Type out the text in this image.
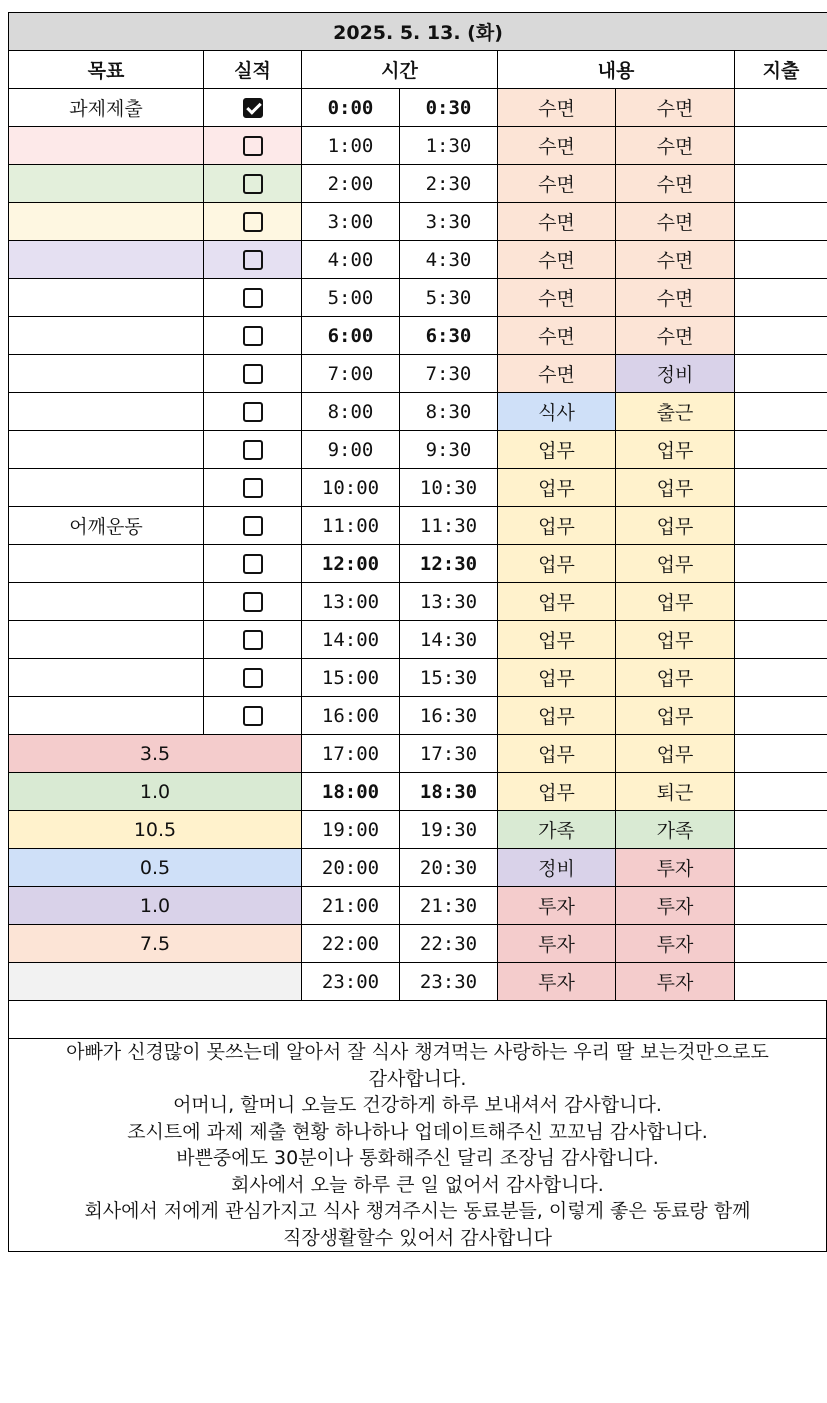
2025. 5. 13. (화)						
목표	실적	시간		내용		지출
과제제출		0:00	0:30	수면	수면	
		1:00	1:30	수면	수면	
		2:00	2:30	수면	수면	
		3:00	3:30	수면	수면	
		4:00	4:30	수면	수면	
		5:00	5:30	수면	수면	
		6:00	6:30	수면	수면	
		7:00	7:30	수면	정비	
		8:00	8:30	식사	출근	
		9:00	9:30	업무	업무	
		10:00	10:30	업무	업무	
어깨운동		11:00	11:30	업무	업무	
		12:00	12:30	업무	업무	
		13:00	13:30	업무	업무	
		14:00	14:30	업무	업무	
		15:00	15:30	업무	업무	
		16:00	16:30	업무	업무	
3.5		17:00	17:30	업무	업무	
1.0		18:00	18:30	업무	퇴근	
10.5		19:00	19:30	가족	가족	
0.5		20:00	20:30	정비	투자	
1.0		21:00	21:30	투자	투자	
7.5		22:00	22:30	투자	투자	
		23:00	23:30	투자	투자	

아빠가 신경많이 못쓰는데 알아서 잘 식사 챙겨먹는 사랑하는 우리 딸 보는것만으로도
감사합니다.
어머니, 할머니 오늘도 건강하게 하루 보내셔서 감사합니다.
조시트에 과제 제출 현황 하나하나 업데이트해주신 꼬꼬님 감사합니다.
바쁜중에도 30분이나 통화해주신 달리 조장님 감사합니다.
회사에서 오늘 하루 큰 일 없어서 감사합니다.
회사에서 저에게 관심가지고 식사 챙겨주시는 동료분들, 이렇게 좋은 동료랑 함께
직장생활할수 있어서 감사합니다
